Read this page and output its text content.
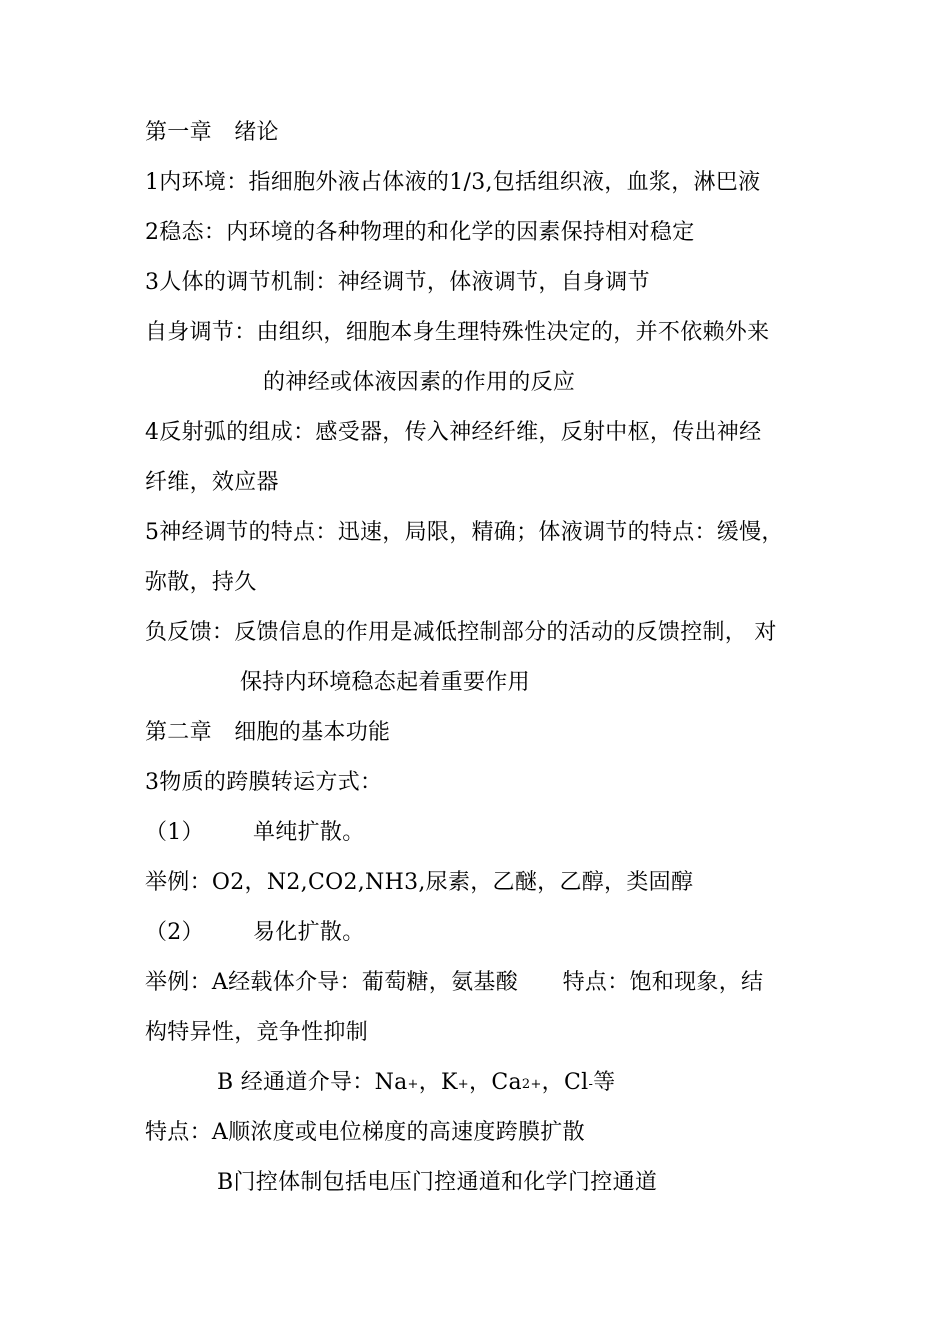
第一章　绪论
1内环境：指细胞外液占体液的1/3,包括组织液，血浆，淋巴液
2稳态：内环境的各种物理的和化学的因素保持相对稳定
3人体的调节机制：神经调节，体液调节，自身调节
自身调节：由组织，细胞本身生理特殊性决定的，并不依赖外来
的神经或体液因素的作用的反应
4反射弧的组成：感受器，传入神经纤维，反射中枢，传出神经
纤维，效应器
5神经调节的特点：迅速，局限，精确；体液调节的特点：缓慢，
弥散，持久
负反馈：反馈信息的作用是减低控制部分的活动的反馈控制， 对
保持内环境稳态起着重要作用
第二章　细胞的基本功能
3物质的跨膜转运方式：
（1） 单纯扩散。
举例：O2，N2,CO2,NH3,尿素，乙醚，乙醇，类固醇
（2） 易化扩散。
举例：A经载体介导：葡萄糖，氨基酸　　特点：饱和现象，结
构特异性，竞争性抑制
B 经通道介导：$Na_+$，$K_+$，$Ca_{2+}$，$Cl_-$等
特点：A顺浓度或电位梯度的高速度跨膜扩散
B门控体制包括电压门控通道和化学门控通道
